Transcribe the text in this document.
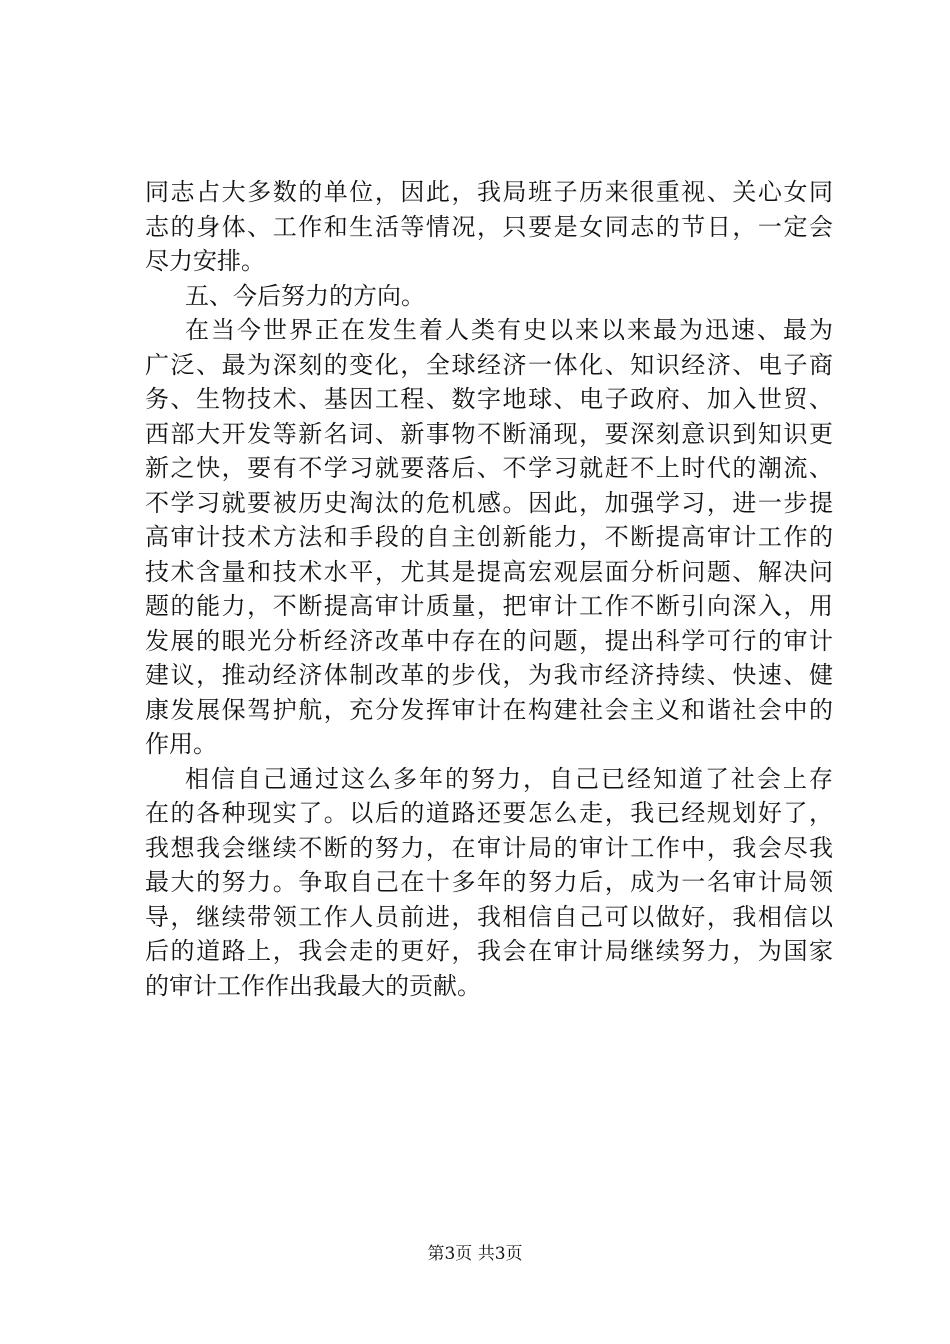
同志占大多数的单位，因此，我局班子历来很重视、关心女同
志的身体、工作和生活等情况，只要是女同志的节日，一定会
尽力安排。
五、今后努力的方向。
在当今世界正在发生着人类有史以来以来最为迅速、最为
广泛、最为深刻的变化，全球经济一体化、知识经济、电子商
务、生物技术、基因工程、数字地球、电子政府、加入世贸、
西部大开发等新名词、新事物不断涌现，要深刻意识到知识更
新之快，要有不学习就要落后、不学习就赶不上时代的潮流、
不学习就要被历史淘汰的危机感。因此，加强学习，进一步提
高审计技术方法和手段的自主创新能力，不断提高审计工作的
技术含量和技术水平，尤其是提高宏观层面分析问题、解决问
题的能力，不断提高审计质量，把审计工作不断引向深入，用
发展的眼光分析经济改革中存在的问题，提出科学可行的审计
建议，推动经济体制改革的步伐，为我市经济持续、快速、健
康发展保驾护航，充分发挥审计在构建社会主义和谐社会中的
作用。
相信自己通过这么多年的努力，自己已经知道了社会上存
在的各种现实了。以后的道路还要怎么走，我已经规划好了，
我想我会继续不断的努力，在审计局的审计工作中，我会尽我
最大的努力。争取自己在十多年的努力后，成为一名审计局领
导，继续带领工作人员前进，我相信自己可以做好，我相信以
后的道路上，我会走的更好，我会在审计局继续努力，为国家
的审计工作作出我最大的贡献。
第3页 共3页
